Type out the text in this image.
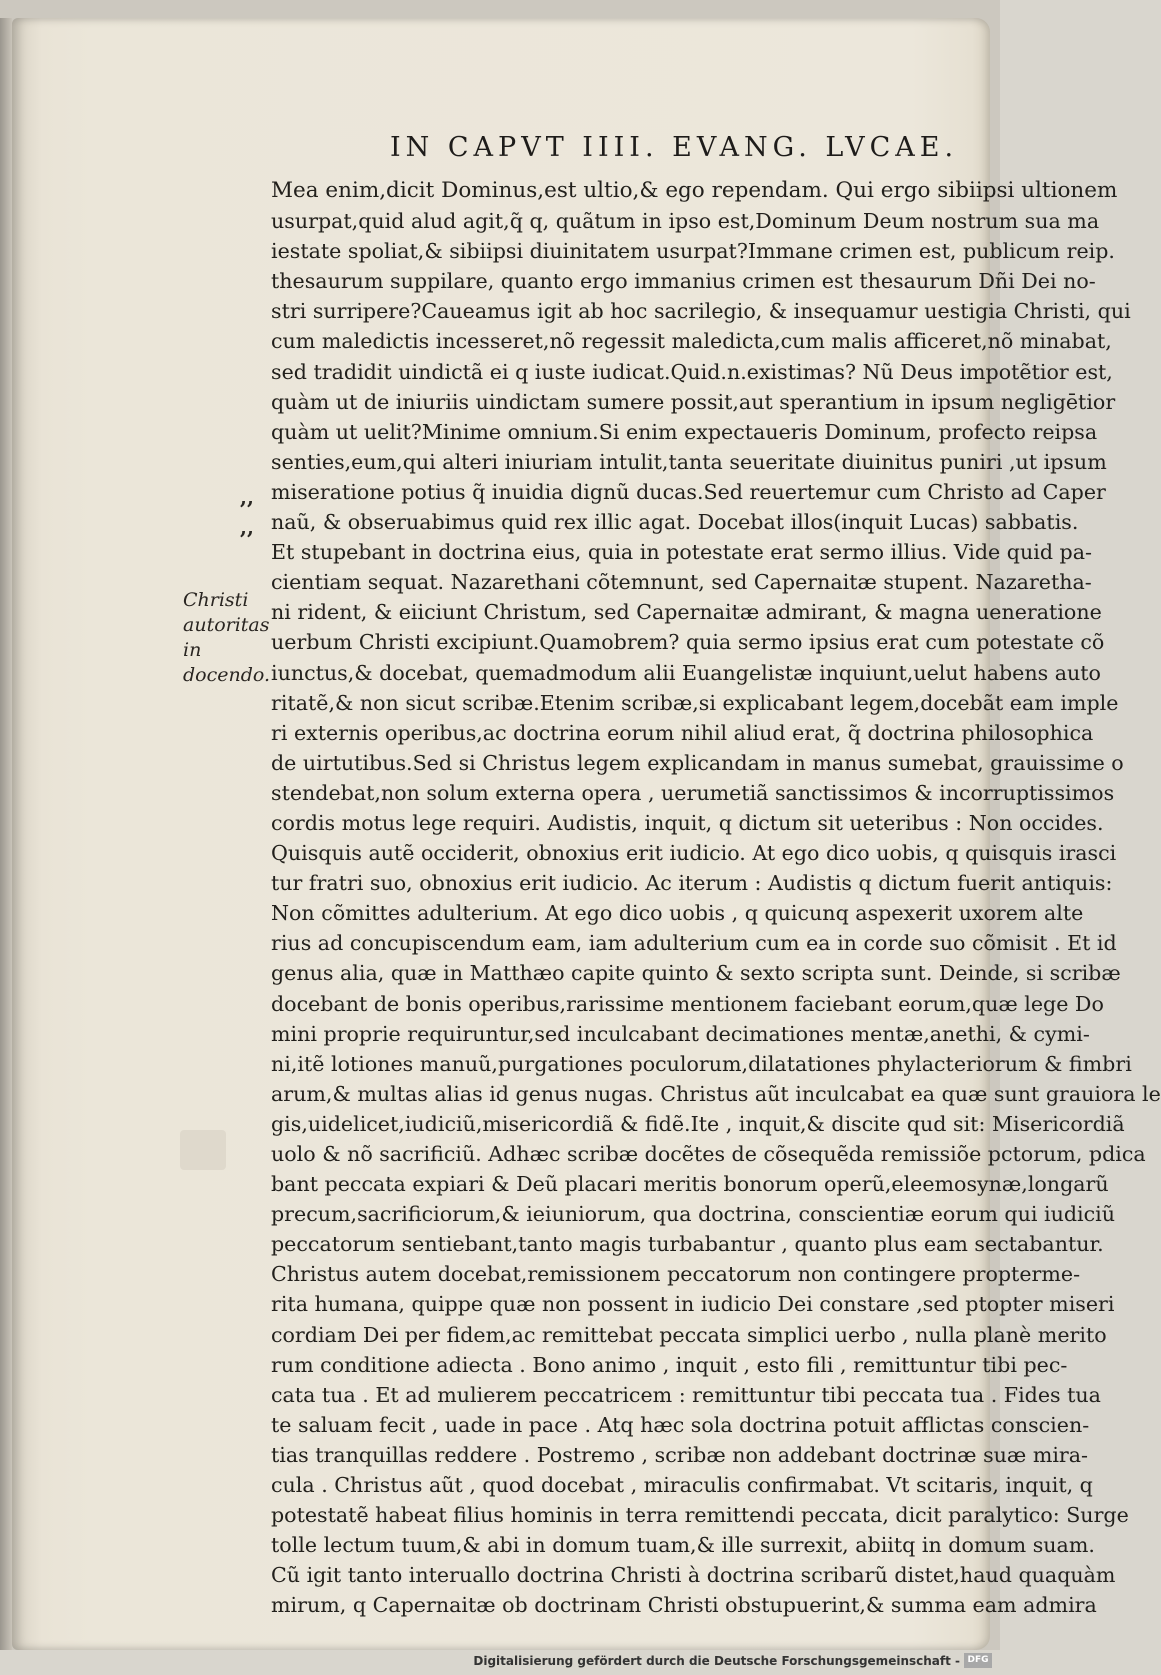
IN CAPVT IIII. EVANG. LVCAE.
,,
,,
Christi autoritas in docendo.
Mea enim,dicit Dominus,est ultio,& ego rependam. Qui ergo sibiipsi ultionem
usurpat,quid alud agit,q̃ q, quãtum in ipso est,Dominum Deum nostrum sua ma
iestate spoliat,& sibiipsi diuinitatem usurpat?Immane crimen est, publicum reip.
thesaurum suppilare, quanto ergo immanius crimen est thesaurum Dñi Dei no-
stri surripere?Caueamus igit ab hoc sacrilegio, & insequamur uestigia Christi, qui
cum maledictis incesseret,nõ regessit maledicta,cum malis afficeret,nõ minabat,
sed tradidit uindictã ei q iuste iudicat.Quid.n.existimas? Nũ Deus impotẽtior est,
quàm ut de iniuriis uindictam sumere possit,aut sperantium in ipsum negligētior
quàm ut uelit?Minime omnium.Si enim expectaueris Dominum, profecto reipsa
senties,eum,qui alteri iniuriam intulit,tanta seueritate diuinitus puniri ,ut ipsum
miseratione potius q̃ inuidia dignũ ducas.Sed reuertemur cum Christo ad Caper
naũ, & obseruabimus quid rex illic agat. Docebat illos(inquit Lucas) sabbatis.
Et stupebant in doctrina eius, quia in potestate erat sermo illius. Vide quid pa-
cientiam sequat. Nazarethani cõtemnunt, sed Capernaitæ stupent. Nazaretha-
ni rident, & eiiciunt Christum, sed Capernaitæ admirant, & magna ueneratione
uerbum Christi excipiunt.Quamobrem? quia sermo ipsius erat cum potestate cõ
iunctus,& docebat, quemadmodum alii Euangelistæ inquiunt,uelut habens auto
ritatẽ,& non sicut scribæ.Etenim scribæ,si explicabant legem,docebãt eam imple
ri externis operibus,ac doctrina eorum nihil aliud erat, q̃ doctrina philosophica
de uirtutibus.Sed si Christus legem explicandam in manus sumebat, grauissime o
stendebat,non solum externa opera , uerumetiã sanctissimos & incorruptissimos
cordis motus lege requiri. Audistis, inquit, q dictum sit ueteribus : Non occides.
Quisquis autẽ occiderit, obnoxius erit iudicio. At ego dico uobis, q quisquis irasci
tur fratri suo, obnoxius erit iudicio. Ac iterum : Audistis q dictum fuerit antiquis:
Non cõmittes adulterium. At ego dico uobis , q quicunq aspexerit uxorem alte
rius ad concupiscendum eam, iam adulterium cum ea in corde suo cõmisit . Et id
genus alia, quæ in Matthæo capite quinto & sexto scripta sunt. Deinde, si scribæ
docebant de bonis operibus,rarissime mentionem faciebant eorum,quæ lege Do
mini proprie requiruntur,sed inculcabant decimationes mentæ,anethi, & cymi-
ni,itẽ lotiones manuũ,purgationes poculorum,dilatationes phylacteriorum & fimbri
arum,& multas alias id genus nugas. Christus aũt inculcabat ea quæ sunt grauiora le
gis,uidelicet,iudiciũ,misericordiã & fidẽ.Ite , inquit,& discite qud sit: Misericordiã
uolo & nõ sacrificiũ. Adhæc scribæ docẽtes de cõsequẽda remissiõe pctorum, pdica
bant peccata expiari & Deũ placari meritis bonorum operũ,eleemosynæ,longarũ
precum,sacrificiorum,& ieiuniorum, qua doctrina, conscientiæ eorum qui iudiciũ
peccatorum sentiebant,tanto magis turbabantur , quanto plus eam sectabantur.
Christus autem docebat,remissionem peccatorum non contingere propterme-
rita humana, quippe quæ non possent in iudicio Dei constare ,sed ptopter miseri
cordiam Dei per fidem,ac remittebat peccata simplici uerbo , nulla planè merito
rum conditione adiecta . Bono animo , inquit , esto fili , remittuntur tibi pec-
cata tua . Et ad mulierem peccatricem : remittuntur tibi peccata tua . Fides tua
te saluam fecit , uade in pace . Atq hæc sola doctrina potuit afflictas conscien-
tias tranquillas reddere . Postremo , scribæ non addebant doctrinæ suæ mira-
cula . Christus aũt , quod docebat , miraculis confirmabat. Vt scitaris, inquit, q
potestatẽ habeat filius hominis in terra remittendi peccata, dicit paralytico: Surge
tolle lectum tuum,& abi in domum tuam,& ille surrexit, abiitq in domum suam.
Cũ igit tanto interuallo doctrina Christi à doctrina scribarũ distet,haud quaquàm
mirum, q Capernaitæ ob doctrinam Christi obstupuerint,& summa eam admira
Digitalisierung gefördert durch die Deutsche Forschungsgemeinschaft - DFG
